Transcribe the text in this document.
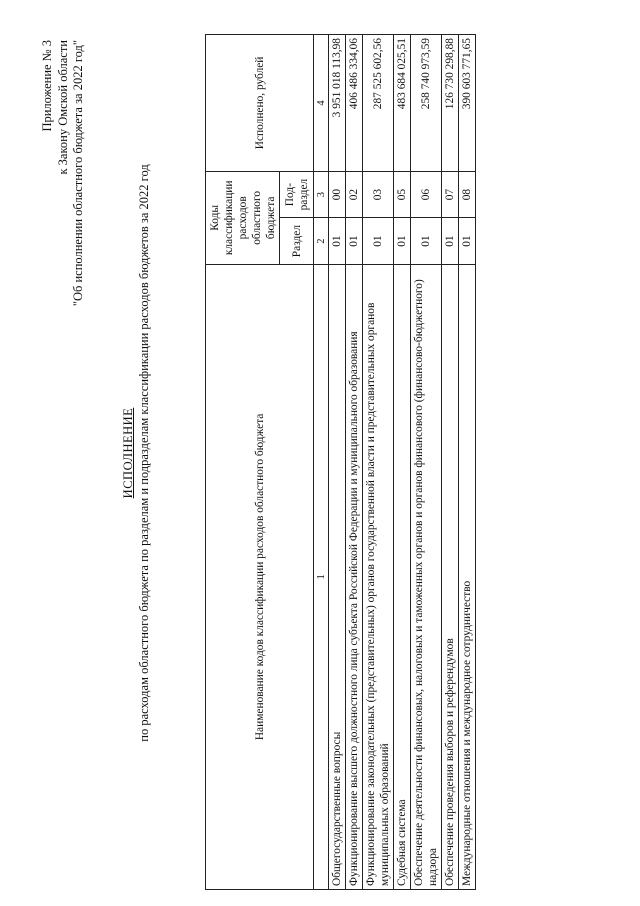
Приложение № 3 к Закону Омской области "Об исполнении областного бюджета за 2022 год"
ИСПОЛНЕНИЕ по расходам областного бюджета по разделам и подразделам классификации расходов бюджетов за 2022 год	Наименование кодов классификации расходов областного бюджета	Коды классификации расходов областного бюджета		Исполнено, рублей
	Раздел	Под-раздел	
1	2	3	4
Общегосударственные вопросы	01	00	3 951 018 113,98
Функционирование высшего должностного лица субъекта Российской Федерации и муниципального образования	01	02	406 486 334,06
Функционирование законодательных (представительных) органов государственной власти и представительных органов муниципальных образований	01	03	287 525 602,56
Судебная система	01	05	483 684 025,51
Обеспечение деятельности финансовых, налоговых и таможенных органов и органов финансового (финансово-бюджетного) надзора	01	06	258 740 973,59
Обеспечение проведения выборов и референдумов	01	07	126 730 298,88
Международные отношения и международное сотрудничество	01	08	390 603 771,65
